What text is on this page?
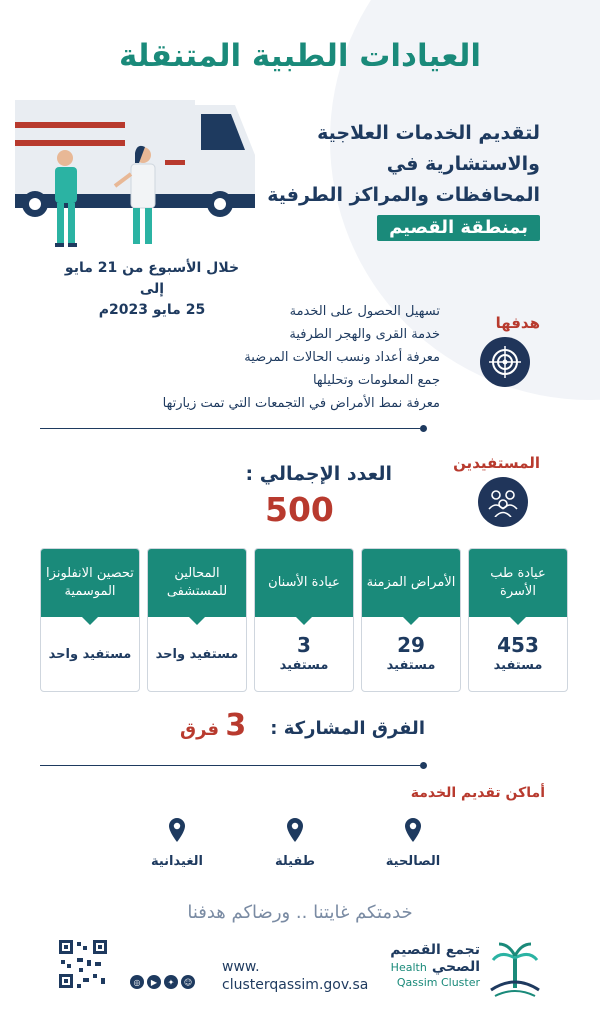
العيادات الطبية المتنقلة
لتقديم الخدمات العلاجية
والاستشارية في
المحافظات والمراكز الطرفية
بمنطقة القصيم
خلال الأسبوع من 21 مايو إلى
25 مايو 2023م
هدفها
تسهيل الحصول على الخدمة
خدمة القرى والهجر الطرفية
معرفة أعداد ونسب الحالات المرضية
جمع المعلومات وتحليلها
معرفة نمط الأمراض في التجمعات التي تمت زيارتها
المستفيدين
العدد الإجمالي :
500
عيادة طب الأسرة
453
مستفيد
الأمراض المزمنة
29
مستفيد
عيادة الأسنان
3
مستفيد
المحالين للمستشفى
مستفيد واحد
تحصين الانفلونزا الموسمية
مستفيد واحد
الفرق المشاركة :
3 فرق
أماكن تقديم الخدمة
الصالحية
طفيلة
الغيدانية
خدمتكم غايتنا .. ورضاكم هدفنا
◎	▶	✦	☺
www.
clusterqassim.gov.sa
تجمع القصيم
Health الصحي
Qassim Cluster
